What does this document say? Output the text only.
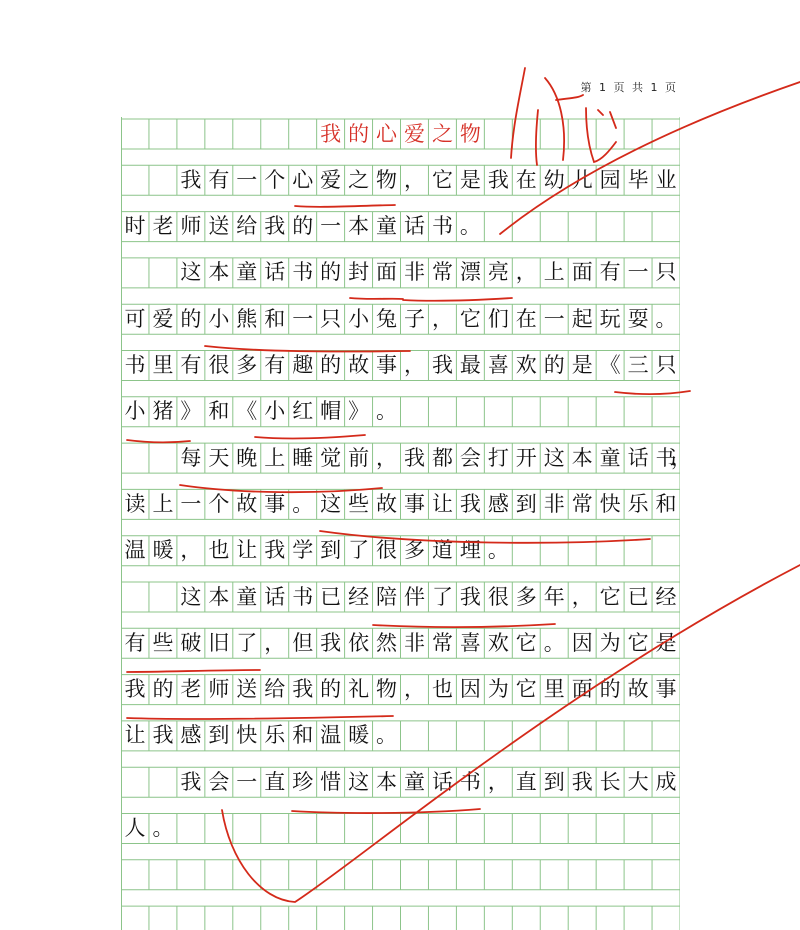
第 1 页 共 1 页
我 的 心 爱 之 物
我 有 一 个 心 爱 之 物 ， 它 是 我 在 幼 儿 园 毕 业
时 老 师 送 给 我 的 一 本 童 话 书 。
这 本 童 话 书 的 封 面 非 常 漂 亮 ， 上 面 有 一 只
可 爱 的 小 熊 和 一 只 小 兔 子 ， 它 们 在 一 起 玩 耍 。
书 里 有 很 多 有 趣 的 故 事 ， 我 最 喜 欢 的 是 《 三 只
小 猪 》 和 《 小 红 帽 》 。
每 天 晚 上 睡 觉 前 ， 我 都 会 打 开 这 本 童 话 书
，
读 上 一 个 故 事 。 这 些 故 事 让 我 感 到 非 常 快 乐 和
温 暖 ， 也 让 我 学 到 了 很 多 道 理 。
这 本 童 话 书 已 经 陪 伴 了 我 很 多 年 ， 它 已 经
有 些 破 旧 了 ， 但 我 依 然 非 常 喜 欢 它 。 因 为 它 是
我 的 老 师 送 给 我 的 礼 物 ， 也 因 为 它 里 面 的 故 事
让 我 感 到 快 乐 和 温 暖 。
我 会 一 直 珍 惜 这 本 童 话 书 ， 直 到 我 长 大 成
人 。
